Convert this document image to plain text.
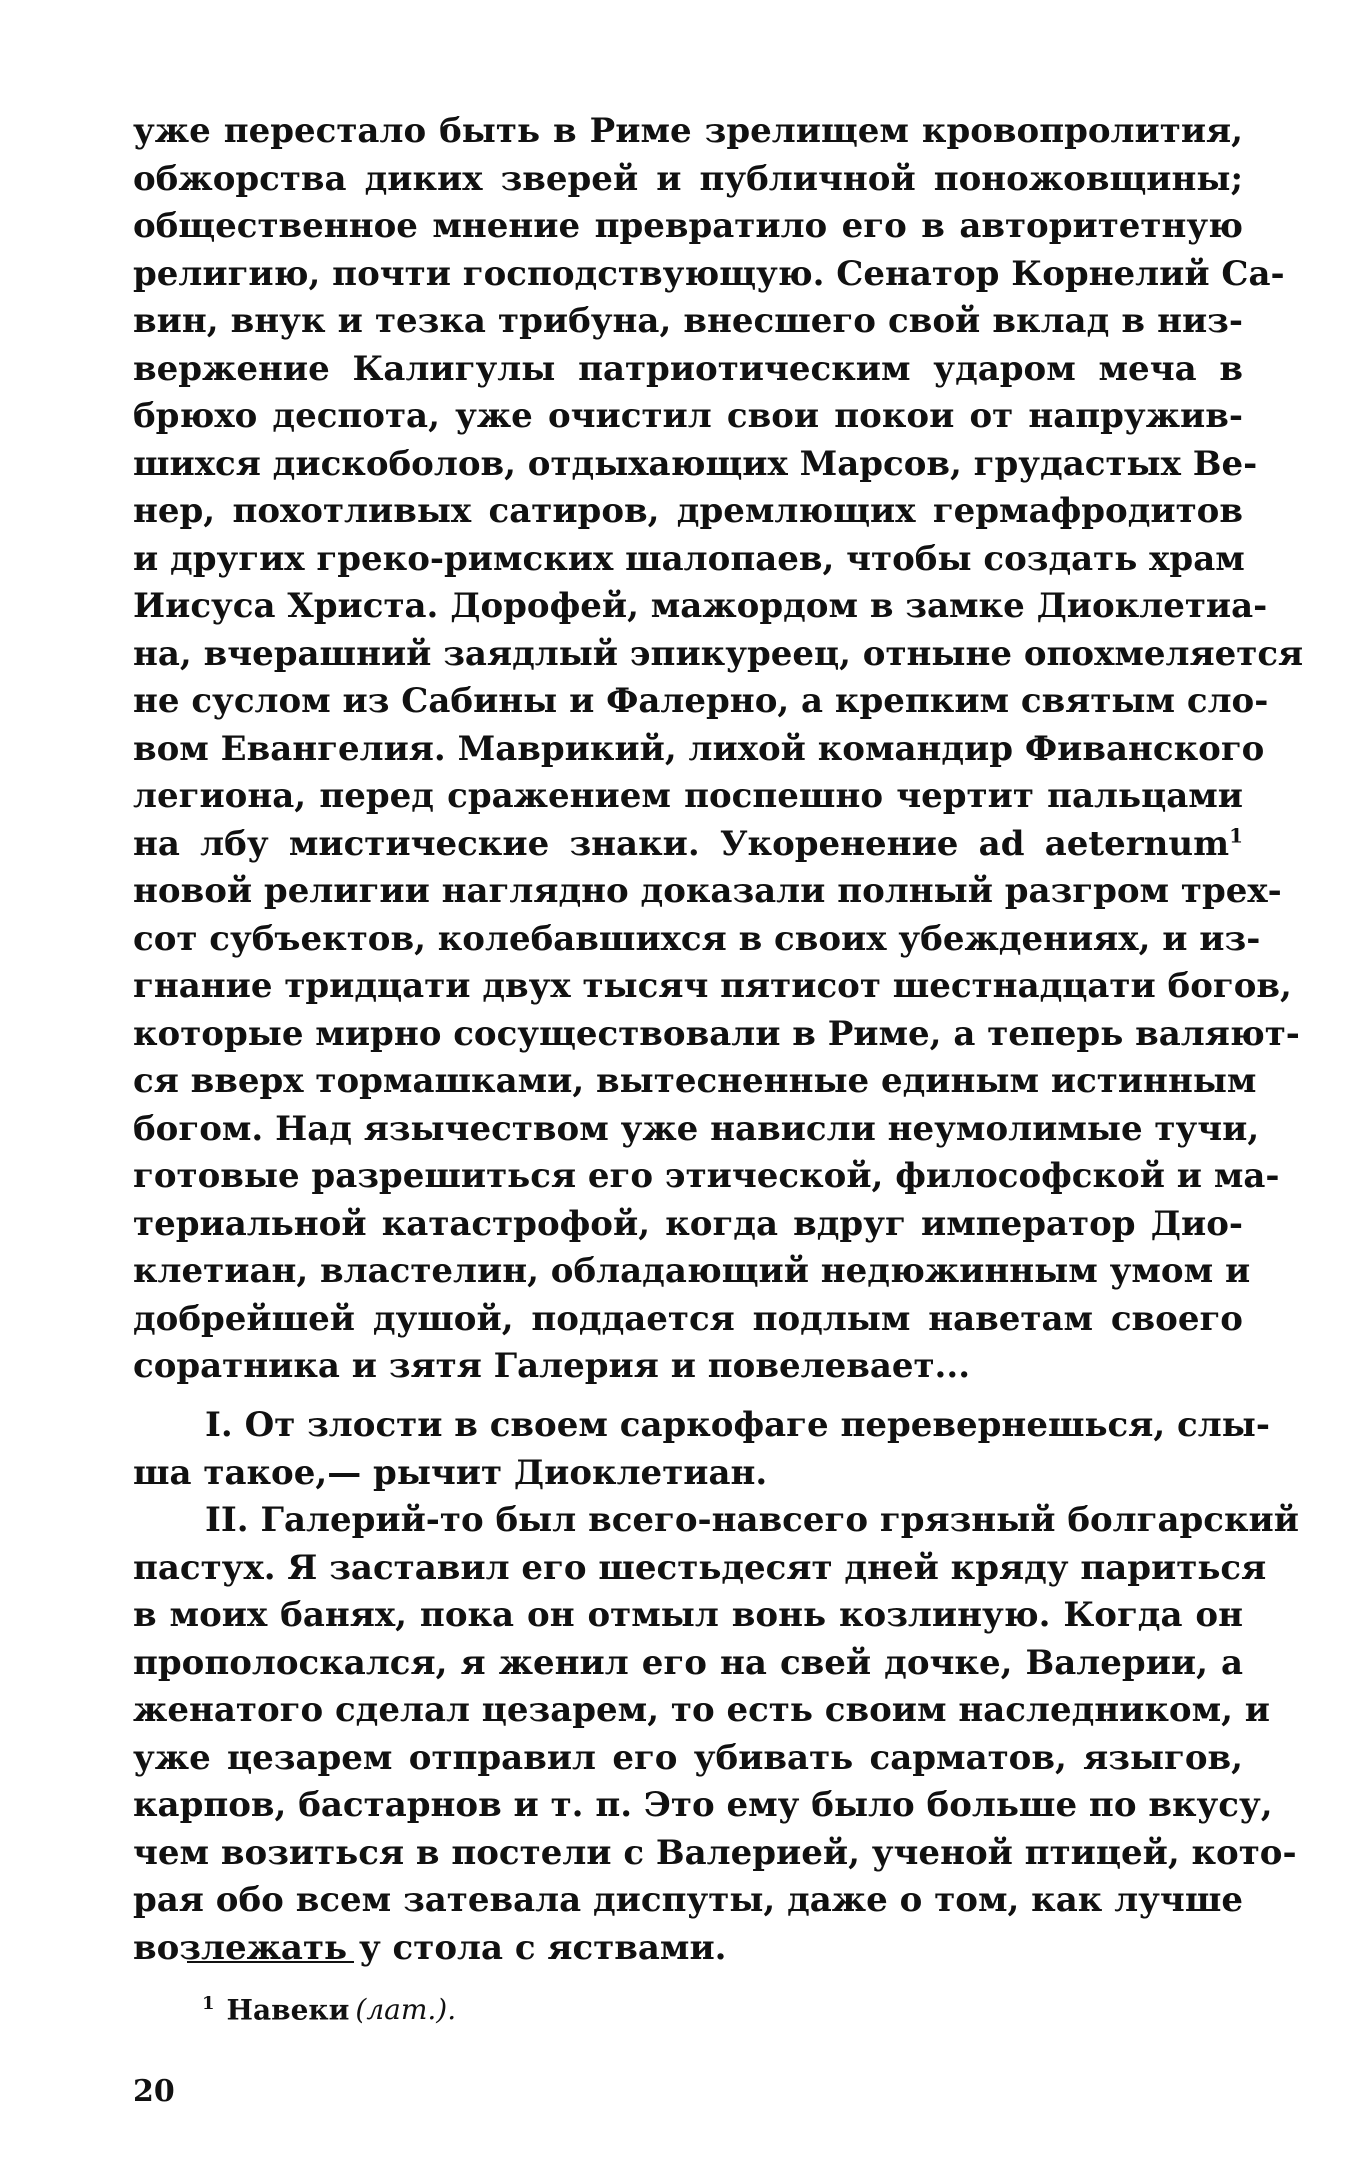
уже перестало быть в Риме зрелищем кровопролития,
обжорства диких зверей и публичной поножовщины;
общественное мнение превратило его в авторитетную
религию, почти господствующую. Сенатор Корнелий Са-
вин, внук и тезка трибуна, внесшего свой вклад в низ-
вержение Калигулы патриотическим ударом меча в
брюхо деспота, уже очистил свои покои от напружив-
шихся дискоболов, отдыхающих Марсов, грудастых Ве-
нер, похотливых сатиров, дремлющих гермафродитов
и других греко-римских шалопаев, чтобы создать храм
Иисуса Христа. Дорофей, мажордом в замке Диоклетиа-
на, вчерашний заядлый эпикуреец, отныне опохмеляется
не суслом из Сабины и Фалерно, а крепким святым сло-
вом Евангелия. Маврикий, лихой командир Фиванского
легиона, перед сражением поспешно чертит пальцами
на лбу мистические знаки. Укоренение ad aeternum$^1$
новой религии наглядно доказали полный разгром трех-
сот субъектов, колебавшихся в своих убеждениях, и из-
гнание тридцати двух тысяч пятисот шестнадцати богов,
которые мирно сосуществовали в Риме, а теперь валяют-
ся вверх тормашками, вытесненные единым истинным
богом. Над язычеством уже нависли неумолимые тучи,
готовые разрешиться его этической, философской и ма-
териальной катастрофой, когда вдруг император Дио-
клетиан, властелин, обладающий недюжинным умом и
добрейшей душой, поддается подлым наветам своего
соратника и зятя Галерия и повелевает...
I. От злости в своем саркофаге перевернешься, слы-
ша такое,— рычит Диоклетиан.
II. Галерий-то был всего-навсего грязный болгарский
пастух. Я заставил его шестьдесят дней кряду париться
в моих банях, пока он отмыл вонь козлиную. Когда он
прополоскался, я женил его на свей дочке, Валерии, а
женатого сделал цезарем, то есть своим наследником, и
уже цезарем отправил его убивать сарматов, языгов,
карпов, бастарнов и т. п. Это ему было больше по вкусу,
чем возиться в постели с Валерией, ученой птицей, кото-
рая обо всем затевала диспуты, даже о том, как лучше
возлежать у стола с яствами.
$^1$ Навеки (лат.).
20
